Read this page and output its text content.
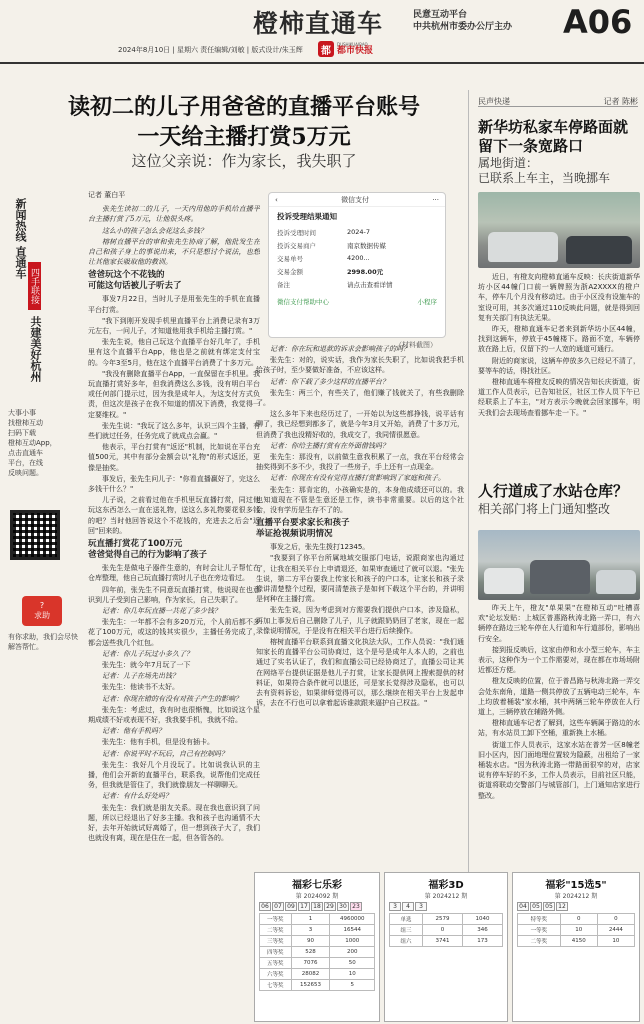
橙柿直通车	民意互动平台
中共杭州市委办公厅主办	A06
2024年8月10日 | 星期六 责任编辑/刘敏 | 版式设计/朱玉辉	都
DUSHIKUAIBAO
都市快报
读初二的儿子用爸爸的直播平台账号
一天给主播打赏5万元
这位父亲说：作为家长，我失职了
新闻热线 直通车
四手联接
共建美好杭州
大事小事
找橙柿互动
扫码下载
橙柿互动App，
点击直通车
平台，在线
反映问题。
?
求助
有你求助，我们会尽快解答帮忙。
记者 董白平

张先生读初二的儿子，一天内用他的手机给直播平台主播打赏了5万元，让他很头疼。

这么小的孩子怎么会花这么多钱？

榕树直播平台的审和张先生协商了解，他批发生在自己和孩子身上的事说出来，不只是想讨个说法，也想让其他家长吸取他的教训。

爸爸玩这个不花钱的
可能这句话被儿子听去了

事发7月22日，当时儿子是用张先生的手机在直播平台打赏。

"我下到刚开发现手机里直播平台上消费记录有3万元左右，一问儿子，才知道他用我手机给主播打赏。"

张先生说，他自己玩这个直播平台好几年了，手机里有这个直播平台App，他也是之前就有绑定支付宝的。今年3至5月，他在这个直播平台消费了十多万元。

"我没有删除直播平台App，一直保留在手机里。我玩直播打赏好多年，但我消费这么多钱，没有明白平台或任何部门提示过，因为我是成年人，为这支付方式负责，但这次是孩子在我不知道的情况下消费，我觉得一定要维权。"

张先生说："我玩了这么多年，认识三四个主播，有些们就过任务，任务完成了就成点会赢。"

他表示，平台打赏有"返还"机制，比如说在平台充值500元，其中有部分金额会以"礼物"的形式返还，更像是抽奖。

事发后，张先生问儿子："你看直播赢好了，完这么多钱干什么？"

儿子说，之前看过他在手机里玩直播打赏，同过他玩这东西怎么一直在送礼物，送这么多礼物要花很多钱的吧？当时他回答说这个不花钱的，充进去之后会"返回"回来的。

玩直播打赏花了100万元
爸爸觉得自己的行为影响了孩子

张先生是做电子器件生意的，有时会让儿子帮忙在仓库整理，他自己玩直播打赏时儿子也在旁边看过。

四年前，张先生不同意玩直播打赏，他说现在也意识到儿子受到自己影响，作为家长，自己失职了。

记者：你几年玩直播一共花了多少钱？

张先生：一年都不会有多20万元，个人前后都不多花了100万元，或这的钱其实很少，主播任务完成了，都会送些我几个红包。

记者：你儿子玩过小多久了？

张先生：就今年7月玩了一下

记者：儿子在场先出钱？

张先生：他读书不太好。

记者：你现在错的有没有对孩子产生的影响？

张先生：考虑过，我有时也很惭愧，比如说这个星期成绩不好或表现不好，我我要手机，我就不给。

记者：他有手机吗？

张先生：他有手机，但是没有插卡。

记者：你说平时不玩后，自己有控制吗？

张先生：我好几个月没玩了。比如说我认识的主播，他们会开新的直播平台，联系我，说帮他们完成任务，但我就是管住了，我们就像朋友一样聊聊天。

记者：有什么好处吗？

张先生：我们就是朋友关系。现在我也意识到了问题，所以已经退出了好多主播。我和孩子也沟通情不大好，去年开始就试好离婚了，但一想到孩子大了，我们也就没有离，现在是住在一起，但各管各的。

‹	微信支付	···
投诉受理结果通知
投诉受理时间	2024-7
投诉交易商户	南京数据传媒
交易单号	4200...
交易金额	2998.00元
备注	请点击查看详情
微信支付帮助中心	小程序
（材料截图）

记者：你在玩和退款的诉求会影响孩子的吗？

张先生：对的，说实话，我作为家长失职了，比如说我把手机给孩子时，至少要做好准备，不应该这样。

记者：你下载了多少这样的直播平台？

张先生：两三个，有些关了，他们赚了钱就关了，有些我删除了。

这么多年下来也经历过了，一开始以为这些都挣钱，说平话有聊了，我已经想到都多了，就是今年3月又开始，消费了十多万元，但消费了我也没精好收的，我成交了，我同情很愿意。

记者：你给主播打赏有在外面借钱吗？

张先生：那没有，以前做生意我积累了一点，我在平台经常会抽奖得到不多不少，我投了一些房子，手上还有一点现金。

记者：你现在有没有觉得直播打赏影响到了家庭和孩子。

张先生：那肯定的，小孩确实是的，本身他成绩还可以的。我也知道现在不管是生意还是工作，读书非常重要。以后的这个社会，没有学历是生存不了的。

直播平台要求家长和孩子
举证抢视频说明情况

事发之后，张先生拨打12345。

"我要到了你平台所属地域交服部门电话，说跟商家也沟通过了，让我在相关平台上申请退还，如果审查通过了就可以退。"张先生说，第二方平台要我上传家长和孩子的户口本，让家长和孩子录像讲清楚整个过程，要同清楚孩子是如何下载这个平台的，并讲明是何种在主播打赏。

张先生说，因为考虑到对方需要我们提供户口本，涉及隐私，再加上事发后自己删除了儿子，儿子就跟奶奶回了老家，现在一起录像说明情况，于是没有在相关平台进行后续操作。

榕树直播平台联系到直播文化执法大队，工作人员说："我们通知家长的直播平台公司协商过，这个是号是成年人本人的，之前也通过了实名认证了，我们和直播公司已经协商过了，直播公司让其在网络平台提供证据是他儿子打赏，让家长提供网上搜索提供的材料证，如果符合条件就可以退还，可是家长觉得涉及隐私，也可以去有资料诉讼，如果律师觉得可以，那么继续在相关平台上发起申诉，去在不行也可以拿着起诉谁款跟来逼护自己权益。"

民声快递	记者 陈彬
新华坊私家车停路面就留下一条宽路口
属地街道：
已联系上车主，当晚挪车

近日，有橙友向橙柿直通车反映：长庆街道新华坊小区44幢门口前一辆牌照为浙A2XXXX的橙户车，停车几个月没有移动过。由于小区没有设施车的室设可用，其多次通过110反映此问题，就是得到回复有关部门有执法无果。

昨天，橙柿直通车记者来到新华坊小区44幢，找到这辆车，停放于45幢楼下。路面不宽，车辆停放在路上后，仅留下约一人宽的通道可通行。

附近的商家说，这辆车停放多久已经记不清了，要等车的话，得找社区。

橙柿直通车将橙友反映的情况告知长庆街道，街道工作人员表示，已告知社区，社区工作人员下午已经联系上了车主，"对方表示今晚就会回家挪车，明天我们会去现场查看挪车走一下。"

人行道成了水站仓库？
相关部门将上门通知整改

昨天上午，橙友"单果果"在橙柿互动"吐槽喜欢"论坛发贴：上城区普惠路秋涛北路一弄口，有六辆停在路边三轮车停在人行道和车行道部份，影响出行安全。

接到报反映后，这家由停和水小型三轮车，车主表示，这种作为一个工作需要对，现在都在市场场附近都还方便。

橙友反映的位置，位于普昌路与秋涛北路一弄交会处东南角，道路一侧共停放了五辆电动三轮车，车上均放着桶装"家水桶，其中两辆三轮车停放在人行道上，三辆停放在辅路外侧。

橙柿直通车记者了解到，这些车辆属于路边的水站，有水站员工卸下空桶，重新换上水桶。

街道工作人员表示，这家水站在普芳一区8幢老旧小区内，因门面地理位置较为隐蔽，出租给了一家桶装水店。"因为秋涛北路一带路面很窄的对，店家说有停车好的不多，工作人员表示，目前社区只能，街道将联动交警部门与城管部门，上门通知店家进行整改。

福彩七乐彩
第 2024092 期
06 07 09 17 18 29 30 23
一等奖	1	4960000
二等奖	3	16544
三等奖	90	1000
四等奖	528	200
五等奖	7076	50
六等奖	28082	10
七等奖	152653	5
福彩3D
第 2024212 期
3	4	3
单选	2579	1040
组三	0	346
组六	3741	173
福彩"15选5"
第 2024212 期
04 05 05 12
特等奖	0	0
一等奖	10	2444
二等奖	4150	10
